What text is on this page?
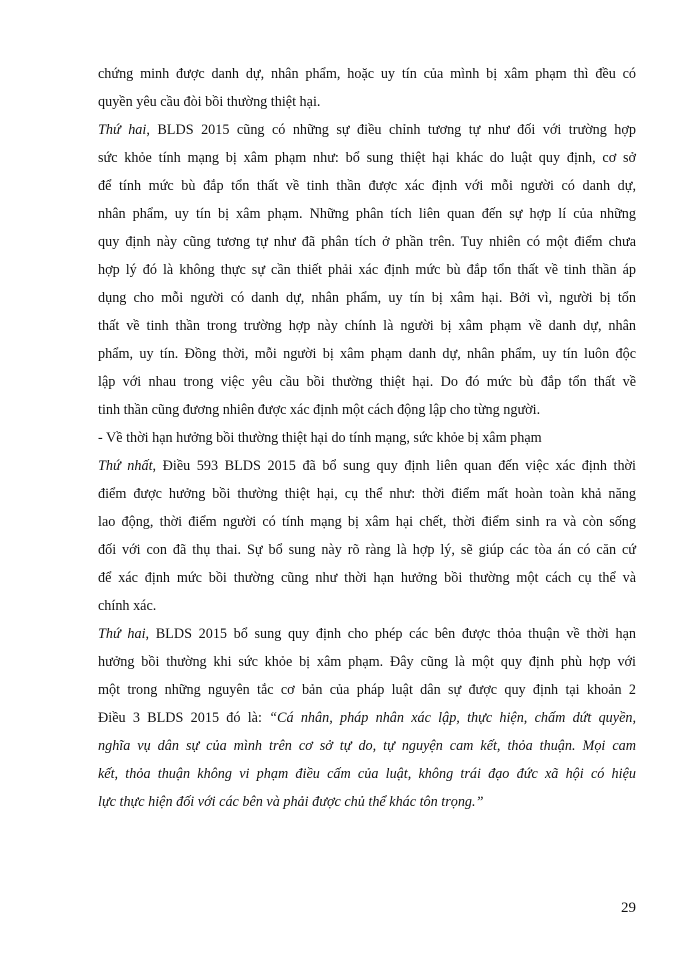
chứng minh được danh dự, nhân phẩm, hoặc uy tín của mình bị xâm phạm thì đều có
quyền yêu cầu đòi bồi thường thiệt hại.
Thứ hai, BLDS 2015 cũng có những sự điều chỉnh tương tự như đối với trường hợp
sức khỏe tính mạng bị xâm phạm như: bổ sung thiệt hại khác do luật quy định, cơ sở
để tính mức bù đắp tổn thất về tinh thần được xác định với mỗi người có danh dự,
nhân phẩm, uy tín bị xâm phạm. Những phân tích liên quan đến sự hợp lí của những
quy định này cũng tương tự như đã phân tích ở phần trên. Tuy nhiên có một điểm chưa
hợp lý đó là không thực sự cần thiết phải xác định mức bù đắp tổn thất về tinh thần áp
dụng cho mỗi người có danh dự, nhân phẩm, uy tín bị xâm hại. Bởi vì, người bị tổn
thất về tinh thần trong trường hợp này chính là người bị xâm phạm về danh dự, nhân
phẩm, uy tín. Đồng thời, mỗi người bị xâm phạm danh dự, nhân phẩm, uy tín luôn độc
lập với nhau trong việc yêu cầu bồi thường thiệt hại. Do đó mức bù đắp tổn thất về
tinh thần cũng đương nhiên được xác định một cách động lập cho từng người.
- Về thời hạn hưởng bồi thường thiệt hại do tính mạng, sức khỏe bị xâm phạm
Thứ nhất, Điều 593 BLDS 2015 đã bổ sung quy định liên quan đến việc xác định thời
điểm được hưởng bồi thường thiệt hại, cụ thể như: thời điểm mất hoàn toàn khả năng
lao động, thời điểm người có tính mạng bị xâm hại chết, thời điểm sinh ra và còn sống
đối với con đã thụ thai. Sự bổ sung này rõ ràng là hợp lý, sẽ giúp các tòa án có căn cứ
để xác định mức bồi thường cũng như thời hạn hưởng bồi thường một cách cụ thể và
chính xác.
Thứ hai, BLDS 2015 bổ sung quy định cho phép các bên được thỏa thuận về thời hạn
hưởng bồi thường khi sức khỏe bị xâm phạm. Đây cũng là một quy định phù hợp với
một trong những nguyên tắc cơ bản của pháp luật dân sự được quy định tại khoản 2
Điều 3 BLDS 2015 đó là: “Cá nhân, pháp nhân xác lập, thực hiện, chấm dứt quyền,
nghĩa vụ dân sự của mình trên cơ sở tự do, tự nguyện cam kết, thỏa thuận. Mọi cam
kết, thỏa thuận không vi phạm điều cấm của luật, không trái đạo đức xã hội có hiệu
lực thực hiện đối với các bên và phải được chủ thể khác tôn trọng.”
29
